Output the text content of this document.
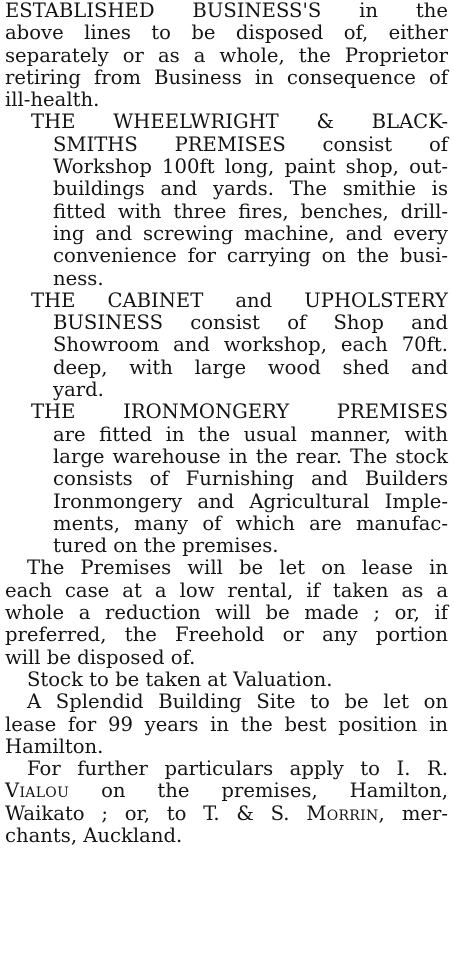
ESTABLISHED BUSINESS'S in the
above lines to be disposed of, either
separately or as a whole, the Proprietor
retiring from Business in consequence of
ill-health.
THE WHEELWRIGHT & BLACK-
SMITHS PREMISES consist of
Workshop 100ft long, paint shop, out-
buildings and yards. The smithie is
fitted with three fires, benches, drill-
ing and screwing machine, and every
convenience for carrying on the busi-
ness.
THE CABINET and UPHOLSTERY
BUSINESS consist of Shop and
Showroom and workshop, each 70ft.
deep, with large wood shed and
yard.
THE IRONMONGERY PREMISES
are fitted in the usual manner, with
large warehouse in the rear. The stock
consists of Furnishing and Builders
Ironmongery and Agricultural Imple-
ments, many of which are manufac-
tured on the premises.
The Premises will be let on lease in
each case at a low rental, if taken as a
whole a reduction will be made ; or, if
preferred, the Freehold or any portion
will be disposed of.
Stock to be taken at Valuation.
A Splendid Building Site to be let on
lease for 99 years in the best position in
Hamilton.
For further particulars apply to I. R.
Vialou on the premises, Hamilton,
Waikato ; or, to T. & S. Morrin, mer-
chants, Auckland.
